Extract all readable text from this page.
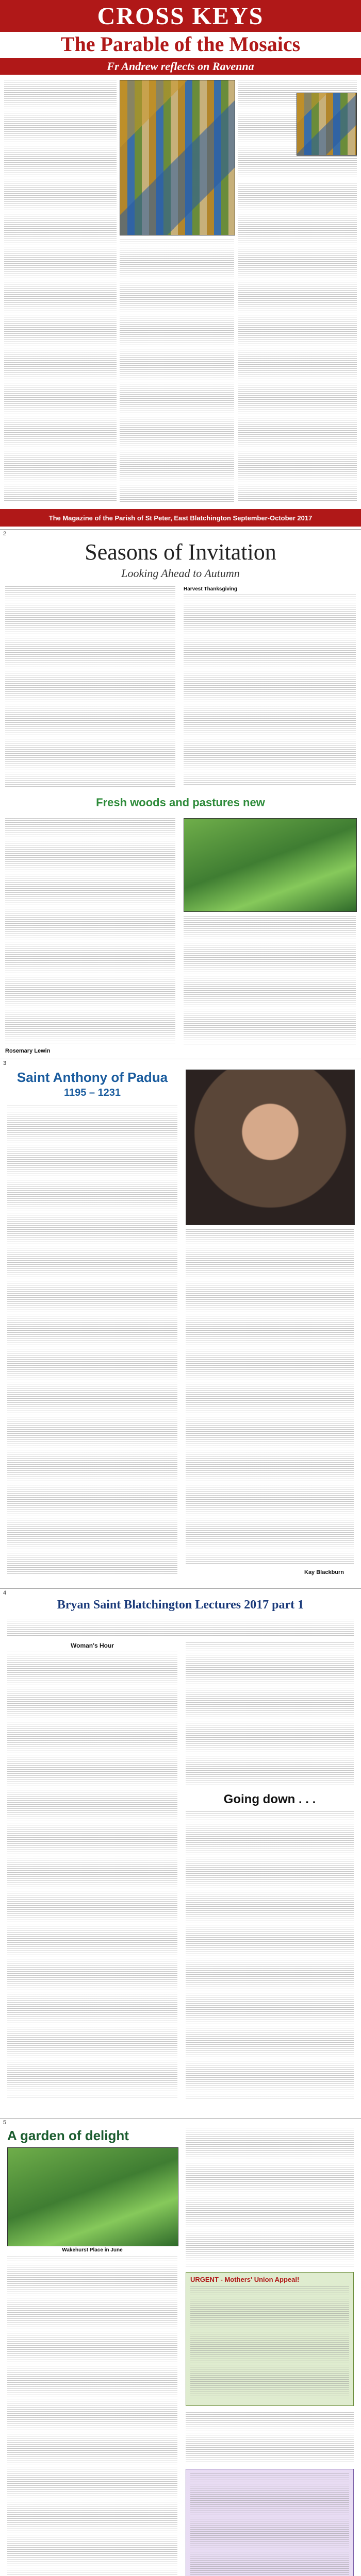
CROSS KEYS
The Parable of the Mosaics
Fr Andrew reflects on Ravenna
The Magazine of the Parish of St Peter, East Blatchington September-October 2017
2
Seasons of Invitation
Looking Ahead to Autumn
Harvest Thanksgiving
Fresh woods and pastures new
Rosemary Lewin
3
Saint Anthony of Padua
1195 – 1231
Kay Blackburn
4
Bryan Saint Blatchington Lectures 2017 part 1
Woman's Hour
Going down . . .
5
A garden of delight
Wakehurst Place in June
URGENT - Mothers' Union Appeal!
